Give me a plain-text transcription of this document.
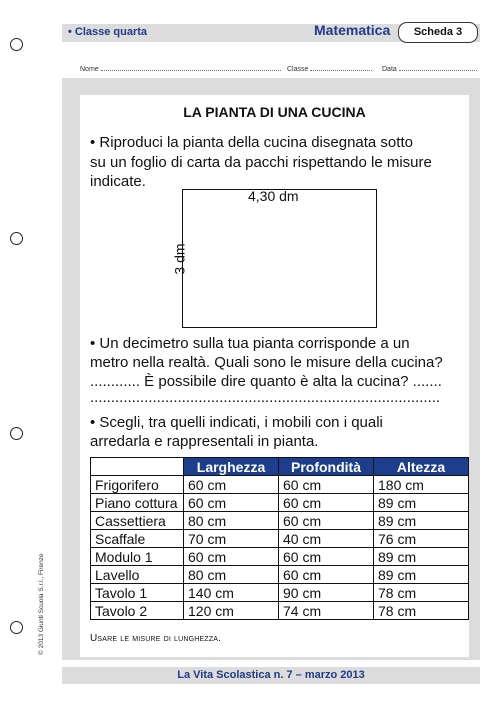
• Classe quarta	Matematica	Scheda 3
Nome	Classe	Data
LA PIANTA DI UNA CUCINA
• Riproduci la pianta della cucina disegnata sotto
su un foglio di carta da pacchi rispettando le misure
indicate.
4,30 dm
3 dm
• Un decimetro sulla tua pianta corrisponde a un
metro nella realtà. Quali sono le misure della cucina?
............ È possibile dire quanto è alta la cucina? .......
....................................................................................
• Scegli, tra quelli indicati, i mobili con i quali
arredarla e rappresentali in pianta.
	Larghezza	Profondità	Altezza
Frigorifero	60 cm	60 cm	180 cm
Piano cottura	60 cm	60 cm	89 cm
Cassettiera	80 cm	60 cm	89 cm
Scaffale	70 cm	40 cm	76 cm
Modulo 1	60 cm	60 cm	89 cm
Lavello	80 cm	60 cm	89 cm
Tavolo 1	140 cm	90 cm	78 cm
Tavolo 2	120 cm	74 cm	78 cm
Usare le misure di lunghezza.
© 2013 Giunti Scuola S.r.l., Firenze
La Vita Scolastica n. 7 – marzo 2013
